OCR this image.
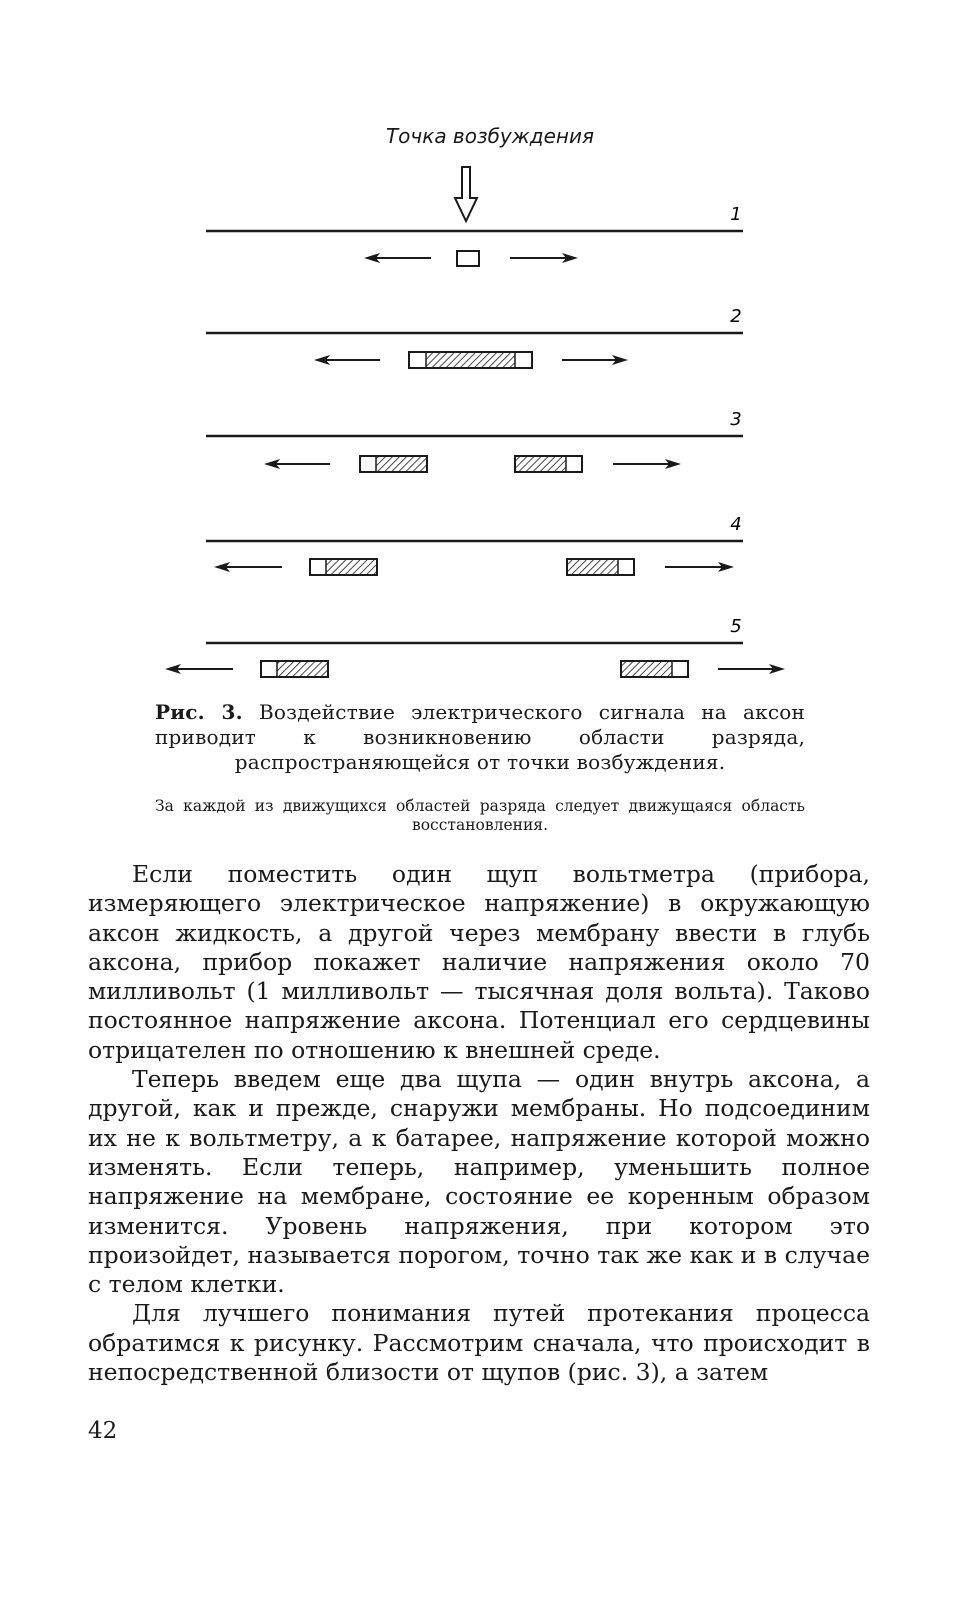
Точка возбуждения
1
2
3
4
5
Рис. 3. Воздействие электрического сигнала на аксон приводит к возникновению области разряда, распространяющейся от точки возбуждения.
За каждой из движущихся областей разряда следует движущаяся область восстановления.

Если поместить один щуп вольтметра (прибора, измеряющего электрическое напряжение) в окружающую аксон жидкость, а другой через мембрану ввести в глубь аксона, прибор покажет наличие напряжения около 70 милливольт (1 милливольт — тысячная доля вольта). Таково постоянное напряжение аксона. Потенциал его сердцевины отрицателен по отношению к внешней среде.

Теперь введем еще два щупа — один внутрь аксона, а другой, как и прежде, снаружи мембраны. Но подсоединим их не к вольтметру, а к батарее, напряжение которой можно изменять. Если теперь, например, уменьшить полное напряжение на мембране, состояние ее коренным образом изменится. Уровень напряжения, при котором это произойдет, называется порогом, точно так же как и в случае с телом клетки.

Для лучшего понимания путей протекания процесса обратимся к рисунку. Рассмотрим сначала, что происходит в непосредственной близости от щупов (рис. 3), а затем

42
